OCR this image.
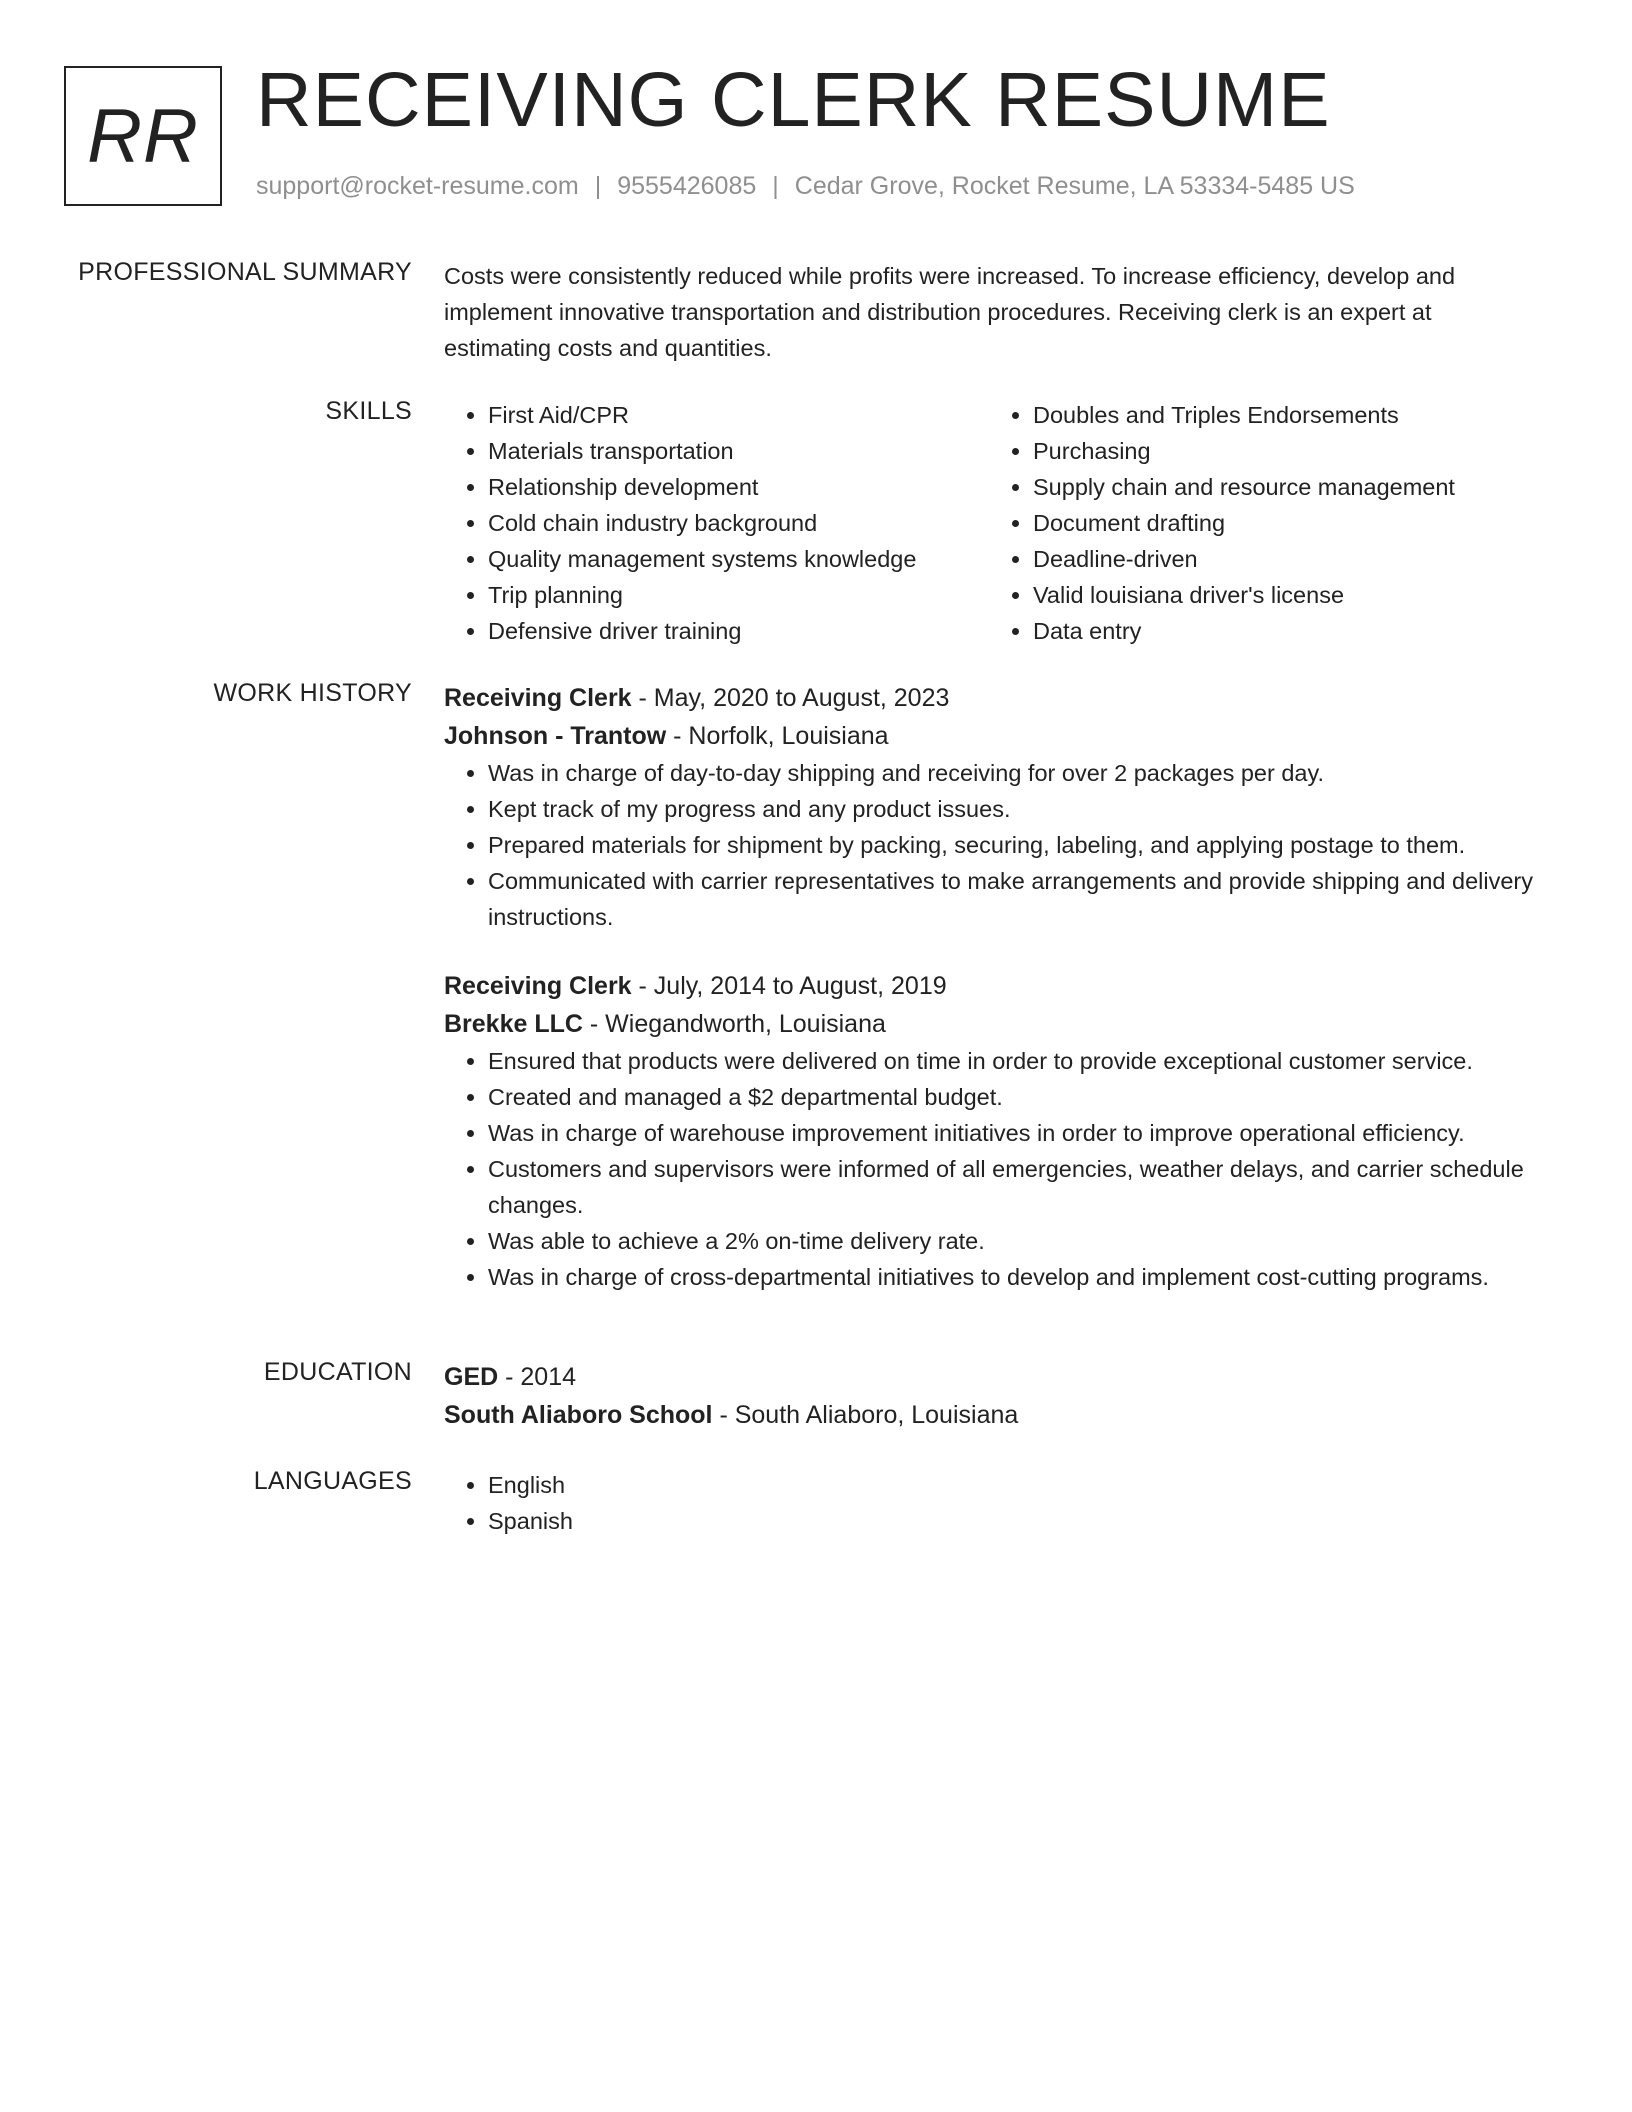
RR RECEIVING CLERK RESUME
support@rocket-resume.com | 9555426085 | Cedar Grove, Rocket Resume, LA 53334-5485 US
PROFESSIONAL SUMMARY Costs were consistently reduced while profits were increased. To increase efficiency, develop and implement innovative transportation and distribution procedures. Receiving clerk is an expert at estimating costs and quantities.
SKILLS	• First Aid/CPR
• Materials transportation
• Relationship development
• Cold chain industry background
• Quality management systems knowledge
• Trip planning
• Defensive driver training
• Doubles and Triples Endorsements
• Purchasing
• Supply chain and resource management
• Document drafting
• Deadline-driven
• Valid louisiana driver's license
• Data entry
WORK HISTORY Receiving Clerk - May, 2020 to August, 2023
Johnson - Trantow - Norfolk, Louisiana
• Was in charge of day-to-day shipping and receiving for over 2 packages per day.
• Kept track of my progress and any product issues.
• Prepared materials for shipment by packing, securing, labeling, and applying postage to them.
• Communicated with carrier representatives to make arrangements and provide shipping and delivery instructions.
Receiving Clerk - July, 2014 to August, 2019
Brekke LLC - Wiegandworth, Louisiana
• Ensured that products were delivered on time in order to provide exceptional customer service.
• Created and managed a $2 departmental budget.
• Was in charge of warehouse improvement initiatives in order to improve operational efficiency.
• Customers and supervisors were informed of all emergencies, weather delays, and carrier schedule changes.
• Was able to achieve a 2% on-time delivery rate.
• Was in charge of cross-departmental initiatives to develop and implement cost-cutting programs.
EDUCATION GED - 2014
South Aliaboro School - South Aliaboro, Louisiana
LANGUAGES	• English
• Spanish
